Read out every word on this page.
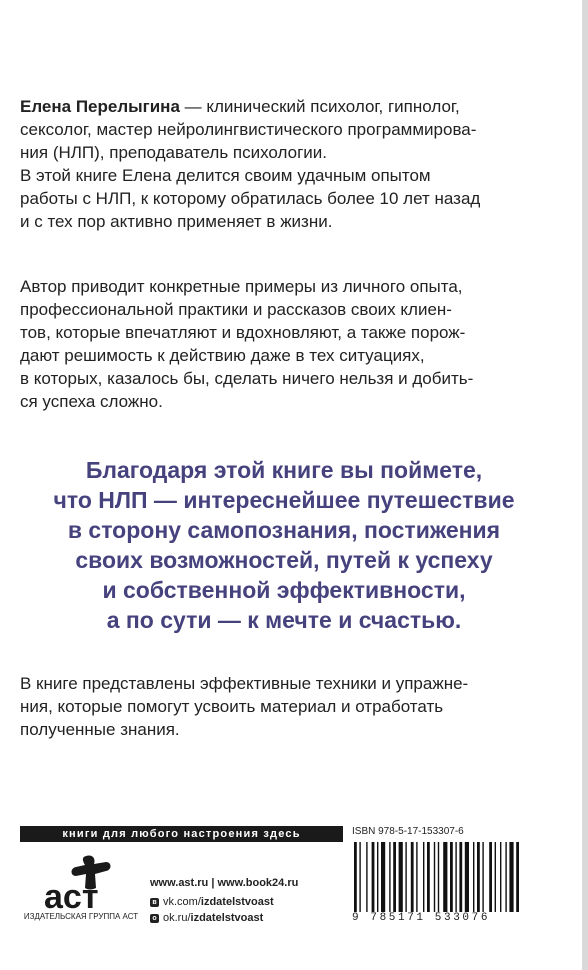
Елена Перелыгина — клинический психолог, гипнолог,

сексолог, мастер нейролингвистического программирова-

ния (НЛП), преподаватель психологии.

В этой книге Елена делится своим удачным опытом

работы с НЛП, к которому обратилась более 10 лет назад

и с тех пор активно применяет в жизни.

Автор приводит конкретные примеры из личного опыта,

профессиональной практики и рассказов своих клиен-

тов, которые впечатляют и вдохновляют, а также порож-

дают решимость к действию даже в тех ситуациях,

в которых, казалось бы, сделать ничего нельзя и добить-

ся успеха сложно.

Благодаря этой книге вы поймете,
что НЛП — интереснейшее путешествие
в сторону самопознания, постижения
своих возможностей, путей к успеху
и собственной эффективности,
а по сути — к мечте и счастью.

В книге представлены эффективные техники и упражне-

ния, которые помогут усвоить материал и отработать

полученные знания.

книги для любого настроения здесь
аст
ИЗДАТЕЛЬСКАЯ ГРУППА АСТ
www.ast.ru | www.book24.ru
в vk.com/ izdatelstvoast
о ok.ru/ izdatelstvoast
ISBN 978-5-17-153307-6
9 785171 533076
